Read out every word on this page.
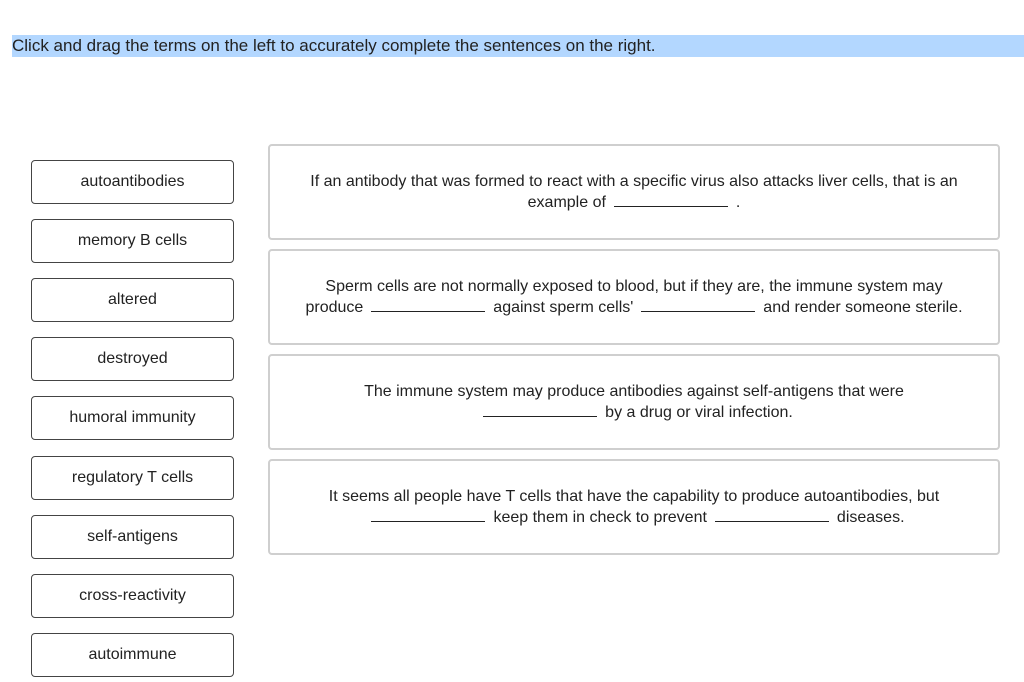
Click and drag the terms on the left to accurately complete the sentences on the right.
autoantibodies
memory B cells
altered
destroyed
humoral immunity
regulatory T cells
self-antigens
cross-reactivity
autoimmune
If an antibody that was formed to react with a specific virus also attacks liver cells, that is an example of	.
Sperm cells are not normally exposed to blood, but if they are, the immune system may produce	against sperm cells'	and render someone sterile.
The immune system may produce antibodies against self-antigens that wereby a drug or viral infection.
It seems all people have T cells that have the capability to produce autoantibodies, butkeep them in check to prevent	diseases.
